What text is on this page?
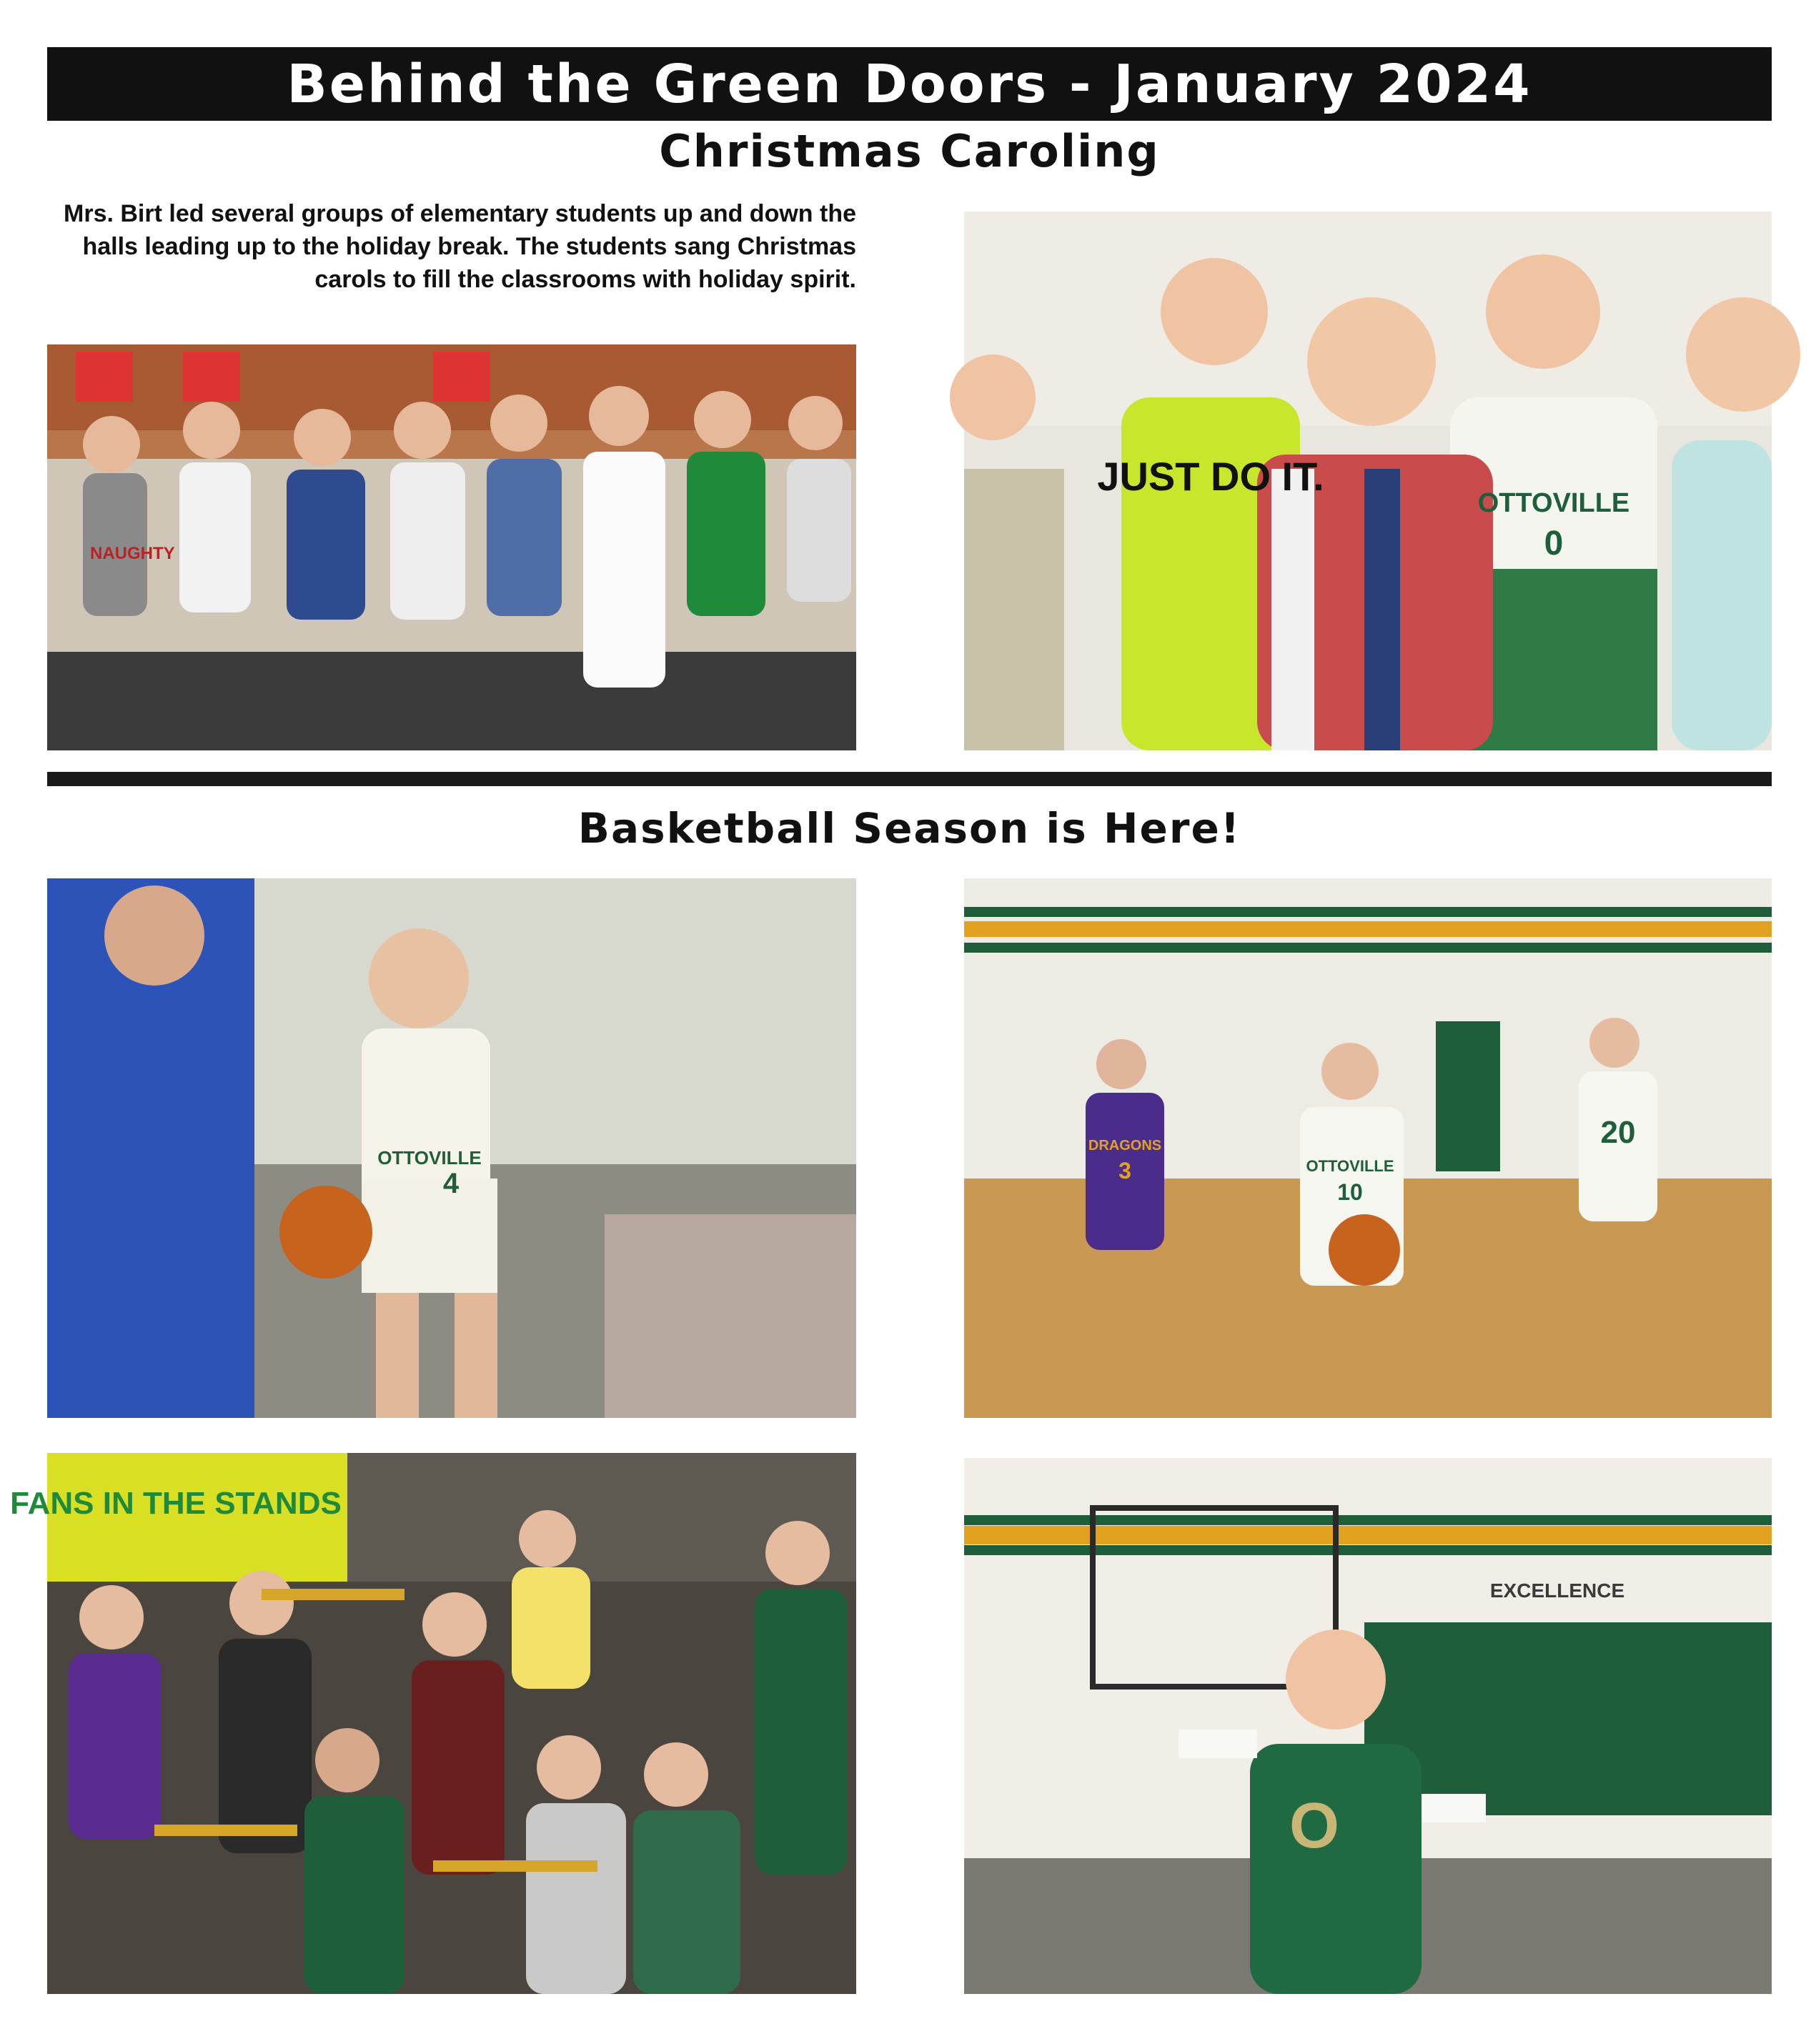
Behind the Green Doors - January 2024
Christmas Caroling
Mrs. Birt led several groups of elementary students up and down the halls leading up to the holiday break. The students sang Christmas carols to fill the classrooms with holiday spirit.
NAUGHTY
JUST DO IT.
OTTOVILLE
0
Basketball Season is Here!
OTTOVILLE
4
DRAGONS
3	OTTOVILLE
10
20
FANS IN THE STANDS
EXCELLENCE
O
